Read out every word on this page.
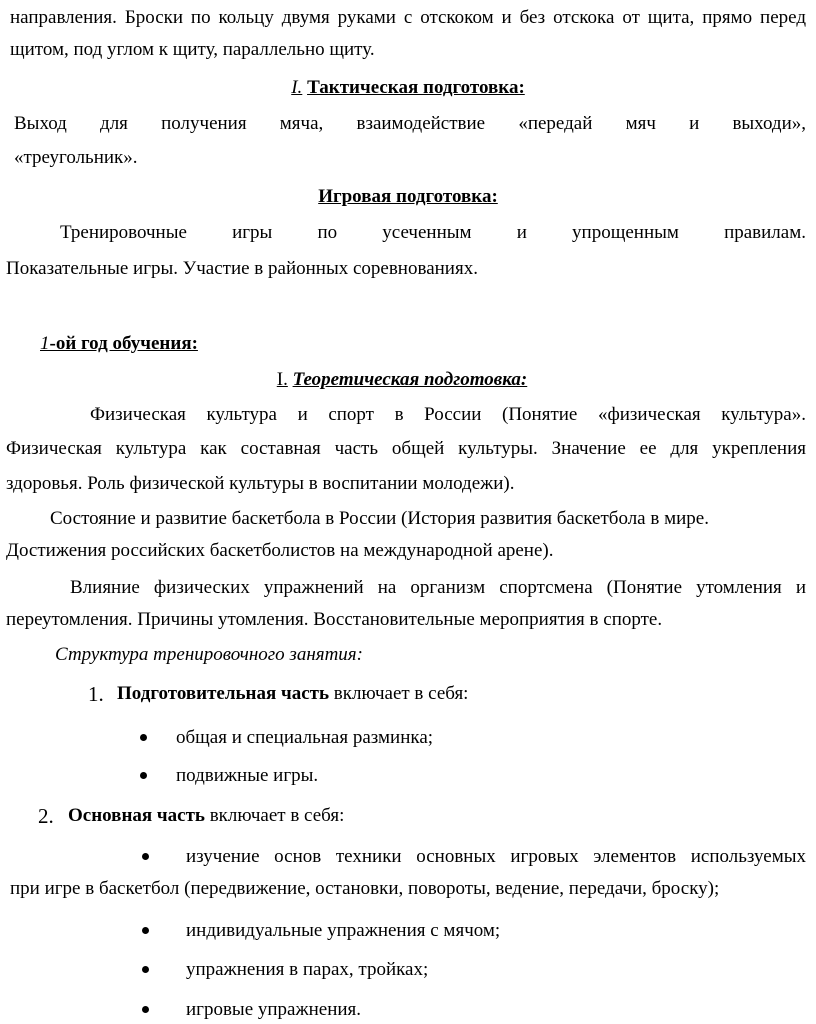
направления. Броски по кольцу двумя руками с отскоком и без отскока от щита, прямо перед
щитом, под углом к щиту, параллельно щиту.
I. Тактическая подготовка:
Выход для получения мяча, взаимодействие «передай мяч и выходи»,
«треугольник».
Игровая подготовка:
Тренировочные игры по усеченным и упрощенным правилам.
Показательные игры. Участие в районных соревнованиях.
1-ой год обучения:
I. Теоретическая подготовка:
Физическая культура и спорт в России (Понятие «физическая культура».
Физическая культура как составная часть общей культуры. Значение ее для укрепления
здоровья. Роль физической культуры в воспитании молодежи).
Состояние и развитие баскетбола в России (История развития баскетбола в мире.
Достижения российских баскетболистов на международной арене).
Влияние физических упражнений на организм спортсмена (Понятие утомления и
переутомления. Причины утомления. Восстановительные мероприятия в спорте.
Структура тренировочного занятия:
1. Подготовительная часть включает в себя:
общая и специальная разминка;
подвижные игры.
2. Основная часть включает в себя:
изучение основ техники основных игровых элементов используемых
при игре в баскетбол (передвижение, остановки, повороты, ведение, передачи, броску);
индивидуальные упражнения с мячом;
упражнения в парах, тройках;
игровые упражнения.
